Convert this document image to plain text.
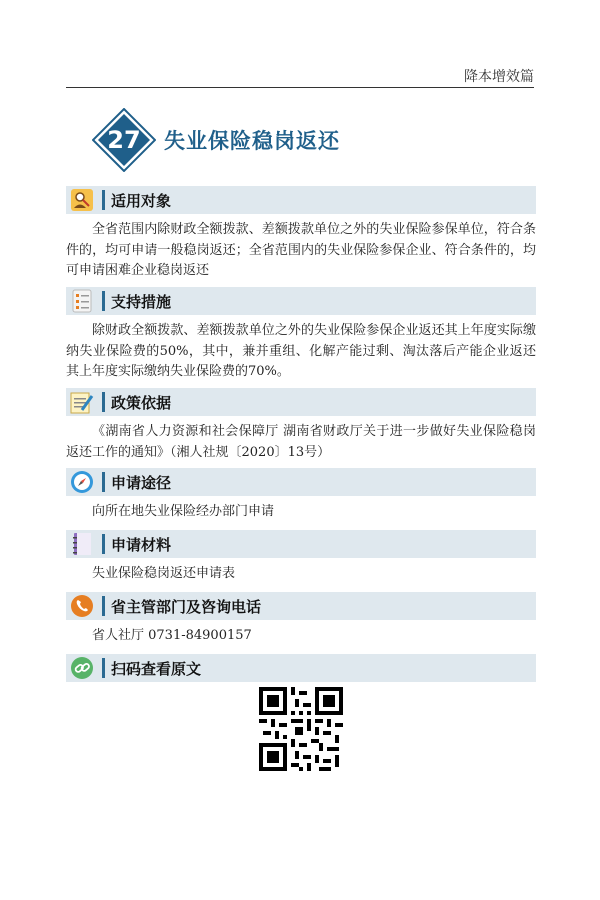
降本增效篇
27	失业保险稳岗返还
适用对象
全省范围内除财政全额拨款、差额拨款单位之外的失业保险参保单位，符合条件的，均可申请一般稳岗返还；全省范围内的失业保险参保企业、符合条件的，均可申请困难企业稳岗返还
支持措施
除财政全额拨款、差额拨款单位之外的失业保险参保企业返还其上年度实际缴纳失业保险费的50%，其中，兼并重组、化解产能过剩、淘汰落后产能企业返还其上年度实际缴纳失业保险费的70%。
政策依据
《湖南省人力资源和社会保障厅 湖南省财政厅关于进一步做好失业保险稳岗返还工作的通知》（湘人社规〔2020〕13号）
申请途径
向所在地失业保险经办部门申请
申请材料
失业保险稳岗返还申请表
省主管部门及咨询电话
省人社厅 0731-84900157
扫码查看原文
